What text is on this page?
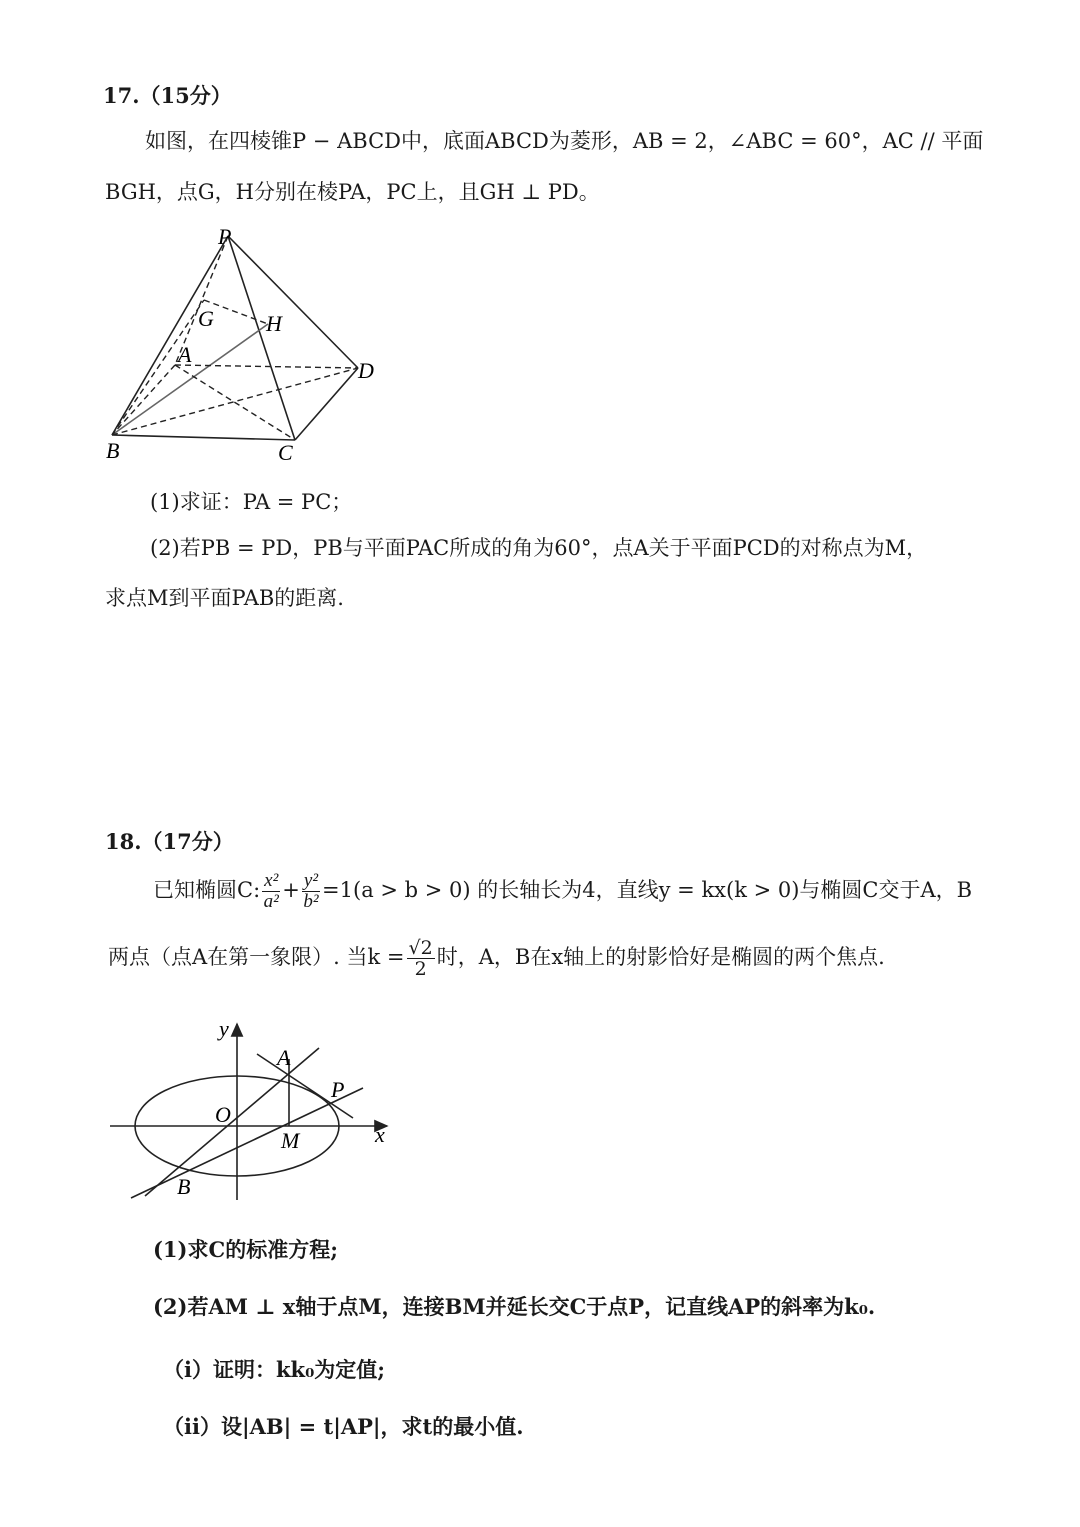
17.（15分）
如图，在四棱锥P − ABCD中，底面ABCD为菱形，AB = 2，∠ABC = 60°，AC // 平面
BGH，点G，H分别在棱PA，PC上，且GH ⊥ PD。
P
G H
A
D
B	C
(1)求证：PA = PC；
(2)若PB = PD，PB与平面PAC所成的角为60°，点A关于平面PCD的对称点为M，
求点M到平面PAB的距离.
18.（17分）
已知椭圆C: $\frac{\text{x²}}{\text{a²}} + \frac{\text{y²}}{\text{b²}} =1(a > b > 0)$ 的长轴长为4，直线y = kx(k > 0)与椭圆C交于A，B
两点（点A在第一象限）. 当$k = \frac{√2}{2}$ 时，A，B在x轴上的射影恰好是椭圆的两个焦点.
y
A
P
O
M	x
B
(1)求C的标准方程;
(2)若AM ⊥ x轴于点M，连接BM并延长交C于点P，记直线AP的斜率为k₀.
（i）证明：kk₀为定值;
（ii）设|AB| = t|AP|，求t的最小值.
